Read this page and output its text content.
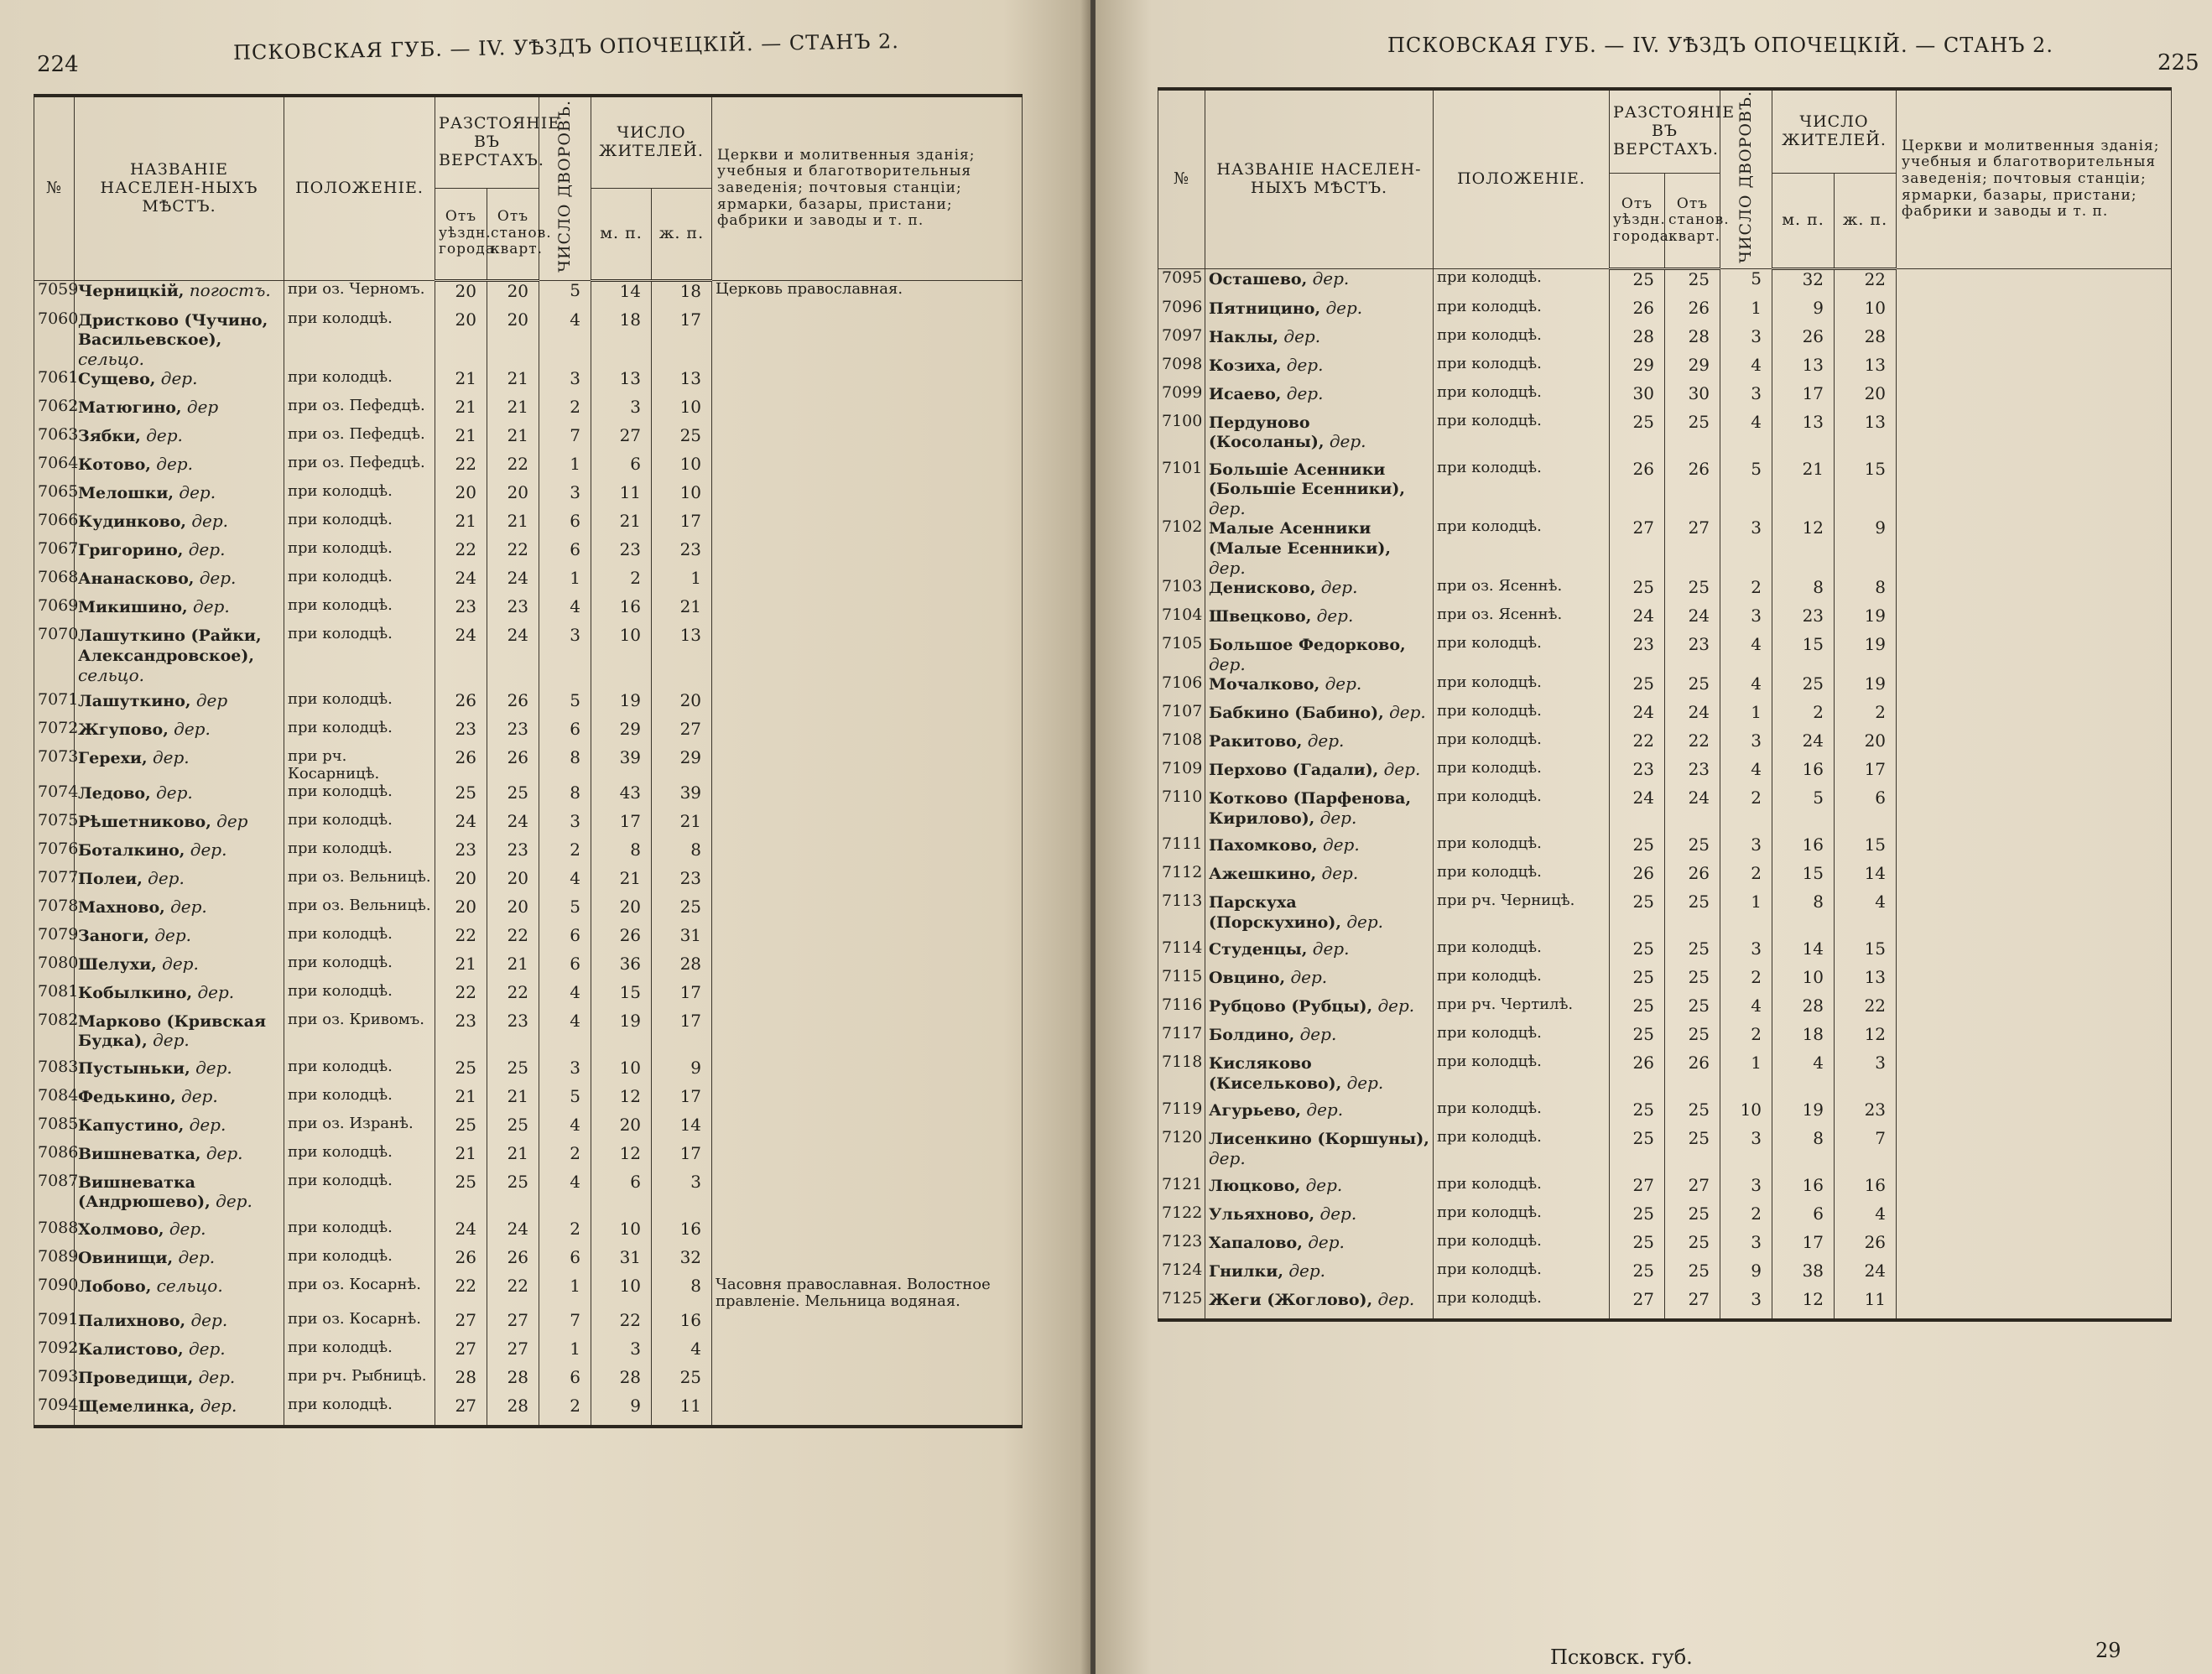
224
ПСКОВСКАЯ ГУБ. — IV. УѢЗДЪ ОПОЧЕЦКІЙ. — СТАНЪ 2.
№	НАЗВАНІЕ НАСЕЛЕН-НЫХЪ МѢСТЪ.	ПОЛОЖЕНІЕ.	РАЗСТОЯНІЕ ВЪ ВЕРСТАХЪ.		ЧИСЛО ДВОРОВЪ.	ЧИСЛО ЖИТЕЛЕЙ.		Церкви и молитвенныя зданія; учебныя и благотворительныя заведенія; почтовыя станціи; ярмарки, базары, пристани; фабрики и заводы и т. п.
			Отъ уѣздн. города.	Отъ станов. кварт.		м. п.	ж. п.	
7059	Черницкій, погостъ.	при оз. Черномъ.	20	20	5	14	18	Церковь православная.
7060	Дристково (Чучино, Васильевское), сельцо.	при колодцѣ.	20	20	4	18	17	
7061	Сущево, дер.	при колодцѣ.	21	21	3	13	13	
7062	Матюгино, дер	при оз. Пефедцѣ.	21	21	2	3	10	
7063	Зябки, дер.	при оз. Пефедцѣ.	21	21	7	27	25	
7064	Котово, дер.	при оз. Пефедцѣ.	22	22	1	6	10	
7065	Мелошки, дер.	при колодцѣ.	20	20	3	11	10	
7066	Кудинково, дер.	при колодцѣ.	21	21	6	21	17	
7067	Григорино, дер.	при колодцѣ.	22	22	6	23	23	
7068	Ананасково, дер.	при колодцѣ.	24	24	1	2	1	
7069	Микишино, дер.	при колодцѣ.	23	23	4	16	21	
7070	Лашуткино (Райки, Александровское), сельцо.	при колодцѣ.	24	24	3	10	13	
7071	Лашуткино, дер	при колодцѣ.	26	26	5	19	20	
7072	Жгупово, дер.	при колодцѣ.	23	23	6	29	27	
7073	Герехи, дер.	при рч. Косарницѣ.	26	26	8	39	29	
7074	Ледово, дер.	при колодцѣ.	25	25	8	43	39	
7075	Рѣшетниково, дер	при колодцѣ.	24	24	3	17	21	
7076	Боталкино, дер.	при колодцѣ.	23	23	2	8	8	
7077	Полеи, дер.	при оз. Вельницѣ.	20	20	4	21	23	
7078	Махново, дер.	при оз. Вельницѣ.	20	20	5	20	25	
7079	Заноги, дер.	при колодцѣ.	22	22	6	26	31	
7080	Шелухи, дер.	при колодцѣ.	21	21	6	36	28	
7081	Кобылкино, дер.	при колодцѣ.	22	22	4	15	17	
7082	Марково (Кривская Будка), дер.	при оз. Кривомъ.	23	23	4	19	17	
7083	Пустыньки, дер.	при колодцѣ.	25	25	3	10	9	
7084	Федькино, дер.	при колодцѣ.	21	21	5	12	17	
7085	Капустино, дер.	при оз. Изранѣ.	25	25	4	20	14	
7086	Вишневатка, дер.	при колодцѣ.	21	21	2	12	17	
7087	Вишневатка (Андрюшево), дер.	при колодцѣ.	25	25	4	6	3	
7088	Холмово, дер.	при колодцѣ.	24	24	2	10	16	
7089	Овинищи, дер.	при колодцѣ.	26	26	6	31	32	
7090	Лобово, сельцо.	при оз. Косарнѣ.	22	22	1	10	8	Часовня православная. Волостное правленіе. Мельница водяная.
7091	Палихново, дер.	при оз. Косарнѣ.	27	27	7	22	16	
7092	Калистово, дер.	при колодцѣ.	27	27	1	3	4	
7093	Проведищи, дер.	при рч. Рыбницѣ.	28	28	6	28	25	
7094	Щемелинка, дер.	при колодцѣ.	27	28	2	9	11	
ПСКОВСКАЯ ГУБ. — IV. УѢЗДЪ ОПОЧЕЦКІЙ. — СТАНЪ 2.
225
№	НАЗВАНІЕ НАСЕЛЕН-НЫХЪ МѢСТЪ.	ПОЛОЖЕНІЕ.	РАЗСТОЯНІЕ ВЪ ВЕРСТАХЪ.		ЧИСЛО ДВОРОВЪ.	ЧИСЛО ЖИТЕЛЕЙ.		Церкви и молитвенныя зданія; учебныя и благотворительныя заведенія; почтовыя станціи; ярмарки, базары, пристани; фабрики и заводы и т. п.
			Отъ уѣздн. города.	Отъ станов. кварт.		м. п.	ж. п.	
7095	Осташево, дер.	при колодцѣ.	25	25	5	32	22	
7096	Пятницино, дер.	при колодцѣ.	26	26	1	9	10	
7097	Наклы, дер.	при колодцѣ.	28	28	3	26	28	
7098	Козиха, дер.	при колодцѣ.	29	29	4	13	13	
7099	Исаево, дер.	при колодцѣ.	30	30	3	17	20	
7100	Пердуново (Косоланы), дер.	при колодцѣ.	25	25	4	13	13	
7101	Большіе Асенники (Большіе Есенники), дер.	при колодцѣ.	26	26	5	21	15	
7102	Малые Асенники (Малые Есенники), дер.	при колодцѣ.	27	27	3	12	9	
7103	Денисково, дер.	при оз. Ясеннѣ.	25	25	2	8	8	
7104	Швецково, дер.	при оз. Ясеннѣ.	24	24	3	23	19	
7105	Большое Федорково, дер.	при колодцѣ.	23	23	4	15	19	
7106	Мочалково, дер.	при колодцѣ.	25	25	4	25	19	
7107	Бабкино (Бабино), дер.	при колодцѣ.	24	24	1	2	2	
7108	Ракитово, дер.	при колодцѣ.	22	22	3	24	20	
7109	Перхово (Гадали), дер.	при колодцѣ.	23	23	4	16	17	
7110	Котково (Парфенова, Кирилово), дер.	при колодцѣ.	24	24	2	5	6	
7111	Пахомково, дер.	при колодцѣ.	25	25	3	16	15	
7112	Ажешкино, дер.	при колодцѣ.	26	26	2	15	14	
7113	Парскуха (Порскухино), дер.	при рч. Черницѣ.	25	25	1	8	4	
7114	Студенцы, дер.	при колодцѣ.	25	25	3	14	15	
7115	Овцино, дер.	при колодцѣ.	25	25	2	10	13	
7116	Рубцово (Рубцы), дер.	при рч. Чертилѣ.	25	25	4	28	22	
7117	Болдино, дер.	при колодцѣ.	25	25	2	18	12	
7118	Кисляково (Кисельково), дер.	при колодцѣ.	26	26	1	4	3	
7119	Агурьево, дер.	при колодцѣ.	25	25	10	19	23	
7120	Лисенкино (Коршуны), дер.	при колодцѣ.	25	25	3	8	7	
7121	Люцково, дер.	при колодцѣ.	27	27	3	16	16	
7122	Ульяхново, дер.	при колодцѣ.	25	25	2	6	4	
7123	Хапалово, дер.	при колодцѣ.	25	25	3	17	26	
7124	Гнилки, дер.	при колодцѣ.	25	25	9	38	24	
7125	Жеги (Жоглово), дер.	при колодцѣ.	27	27	3	12	11	
Псковск. губ.	29
